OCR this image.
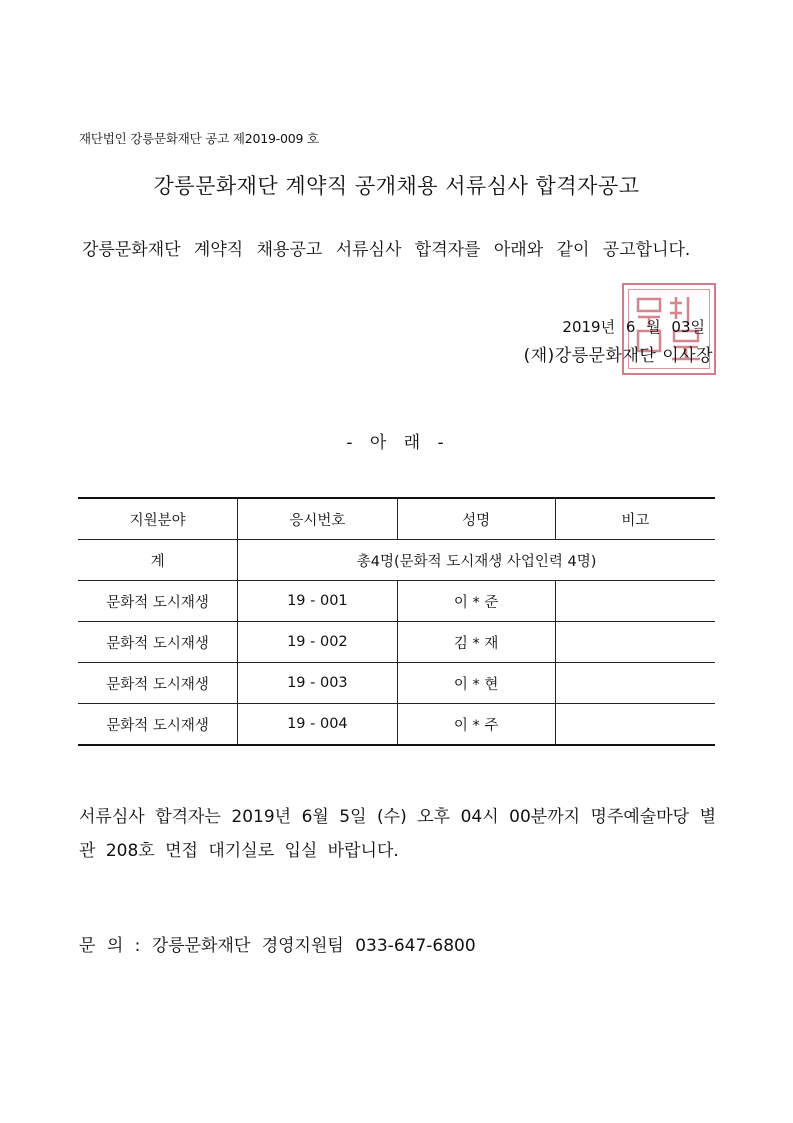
재단법인 강릉문화재단 공고 제2019-009 호
강릉문화재단 계약직 공개채용 서류심사 합격자공고

강릉문화재단 계약직 채용공고 서류심사 합격자를 아래와 같이 공고합니다.

2019년 6 월 03일
(재)강릉문화재단 이사장
- 아 래 -
지원분야	응시번호	성명	비고
계	총4명(문화적 도시재생 사업인력 4명)		
문화적 도시재생	19 - 001	이 * 준	
문화적 도시재생	19 - 002	김 * 재	
문화적 도시재생	19 - 003	이 * 현	
문화적 도시재생	19 - 004	이 * 주	

서류심사 합격자는 2019년 6월 5일 (수) 오후 04시 00분까지 명주예술마당 별관 208호 면접 대기실로 입실 바랍니다.

문 의 : 강릉문화재단 경영지원팀 033-647-6800
